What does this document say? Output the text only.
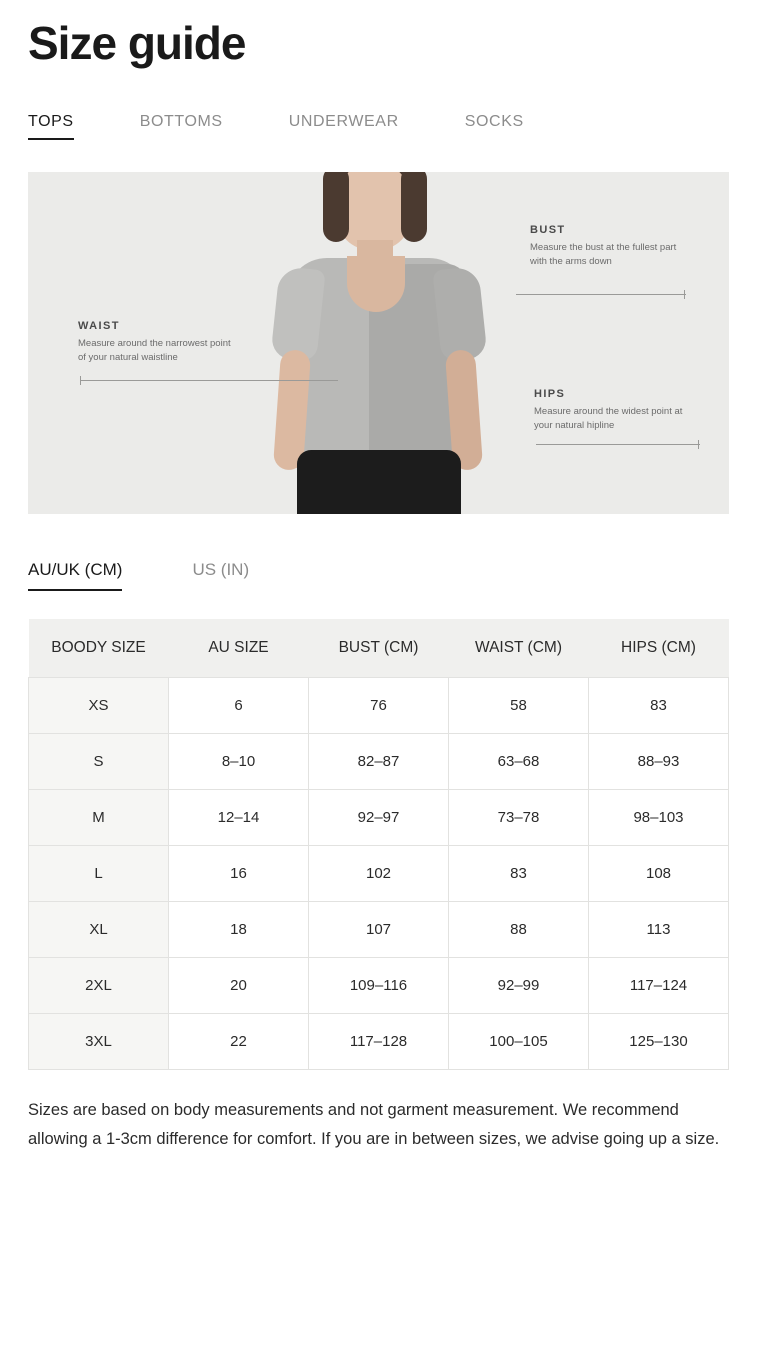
Size guide
TOPS	BOTTOMS	UNDERWEAR	SOCKS
BUST
Measure the bust at the fullest part with the arms down
WAIST
Measure around the narrowest point of your natural waistline
HIPS
Measure around the widest point at your natural hipline
AU/UK (CM)	US (IN)
BOODY SIZE	AU SIZE	BUST (CM)	WAIST (CM)	HIPS (CM)
XS	6	76	58	83
S	8–10	82–87	63–68	88–93
M	12–14	92–97	73–78	98–103
L	16	102	83	108
XL	18	107	88	113
2XL	20	109–116	92–99	117–124
3XL	22	117–128	100–105	125–130

Sizes are based on body measurements and not garment measurement. We recommend allowing a 1-3cm difference for comfort. If you are in between sizes, we advise going up a size.
